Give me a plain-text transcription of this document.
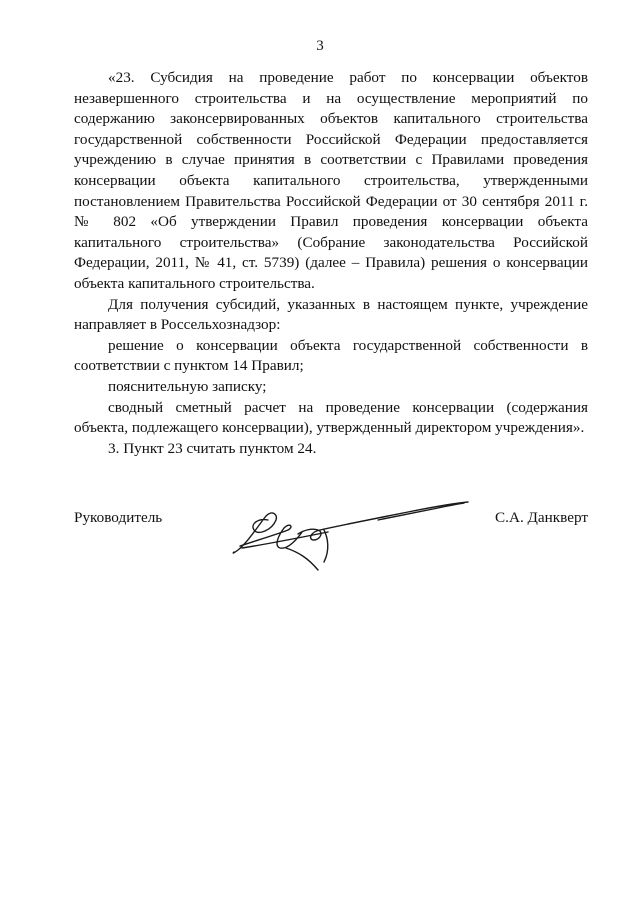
3

«23. Субсидия на проведение работ по консервации объектов незавершенного строительства и на осуществление мероприятий по содержанию законсервированных объектов капитального строительства государственной собственности Российской Федерации предоставляется учреждению в случае принятия в соответствии с Правилами проведения консервации объекта капитального строительства, утвержденными постановлением Правительства Российской Федерации от 30 сентября 2011 г. № 802 «Об утверждении Правил проведения консервации объекта капитального строительства» (Собрание законодательства Российской Федерации, 2011, № 41, ст. 5739) (далее – Правила) решения о консервации объекта капитального строительства.

Для получения субсидий, указанных в настоящем пункте, учреждение направляет в Россельхознадзор:

решение о консервации объекта государственной собственности в соответствии с пунктом 14 Правил;

пояснительную записку;

сводный сметный расчет на проведение консервации (содержания объекта, подлежащего консервации), утвержденный директором учреждения».

3. Пункт 23 считать пунктом 24.

Руководитель	С.А. Данкверт
